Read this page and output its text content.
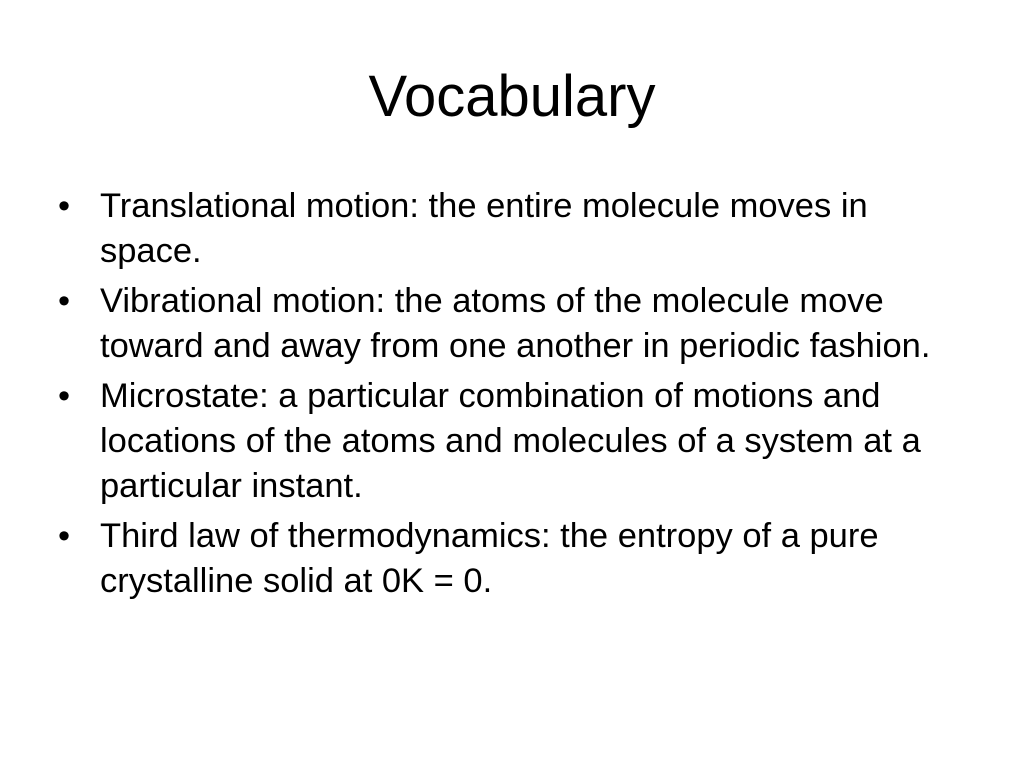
Vocabulary
• Translational motion: the entire molecule moves in space.
• Vibrational motion: the atoms of the molecule move toward and away from one another in periodic fashion.
• Microstate: a particular combination of motions and locations of the atoms and molecules of a system at a particular instant.
• Third law of thermodynamics: the entropy of a pure crystalline solid at 0K = 0.
